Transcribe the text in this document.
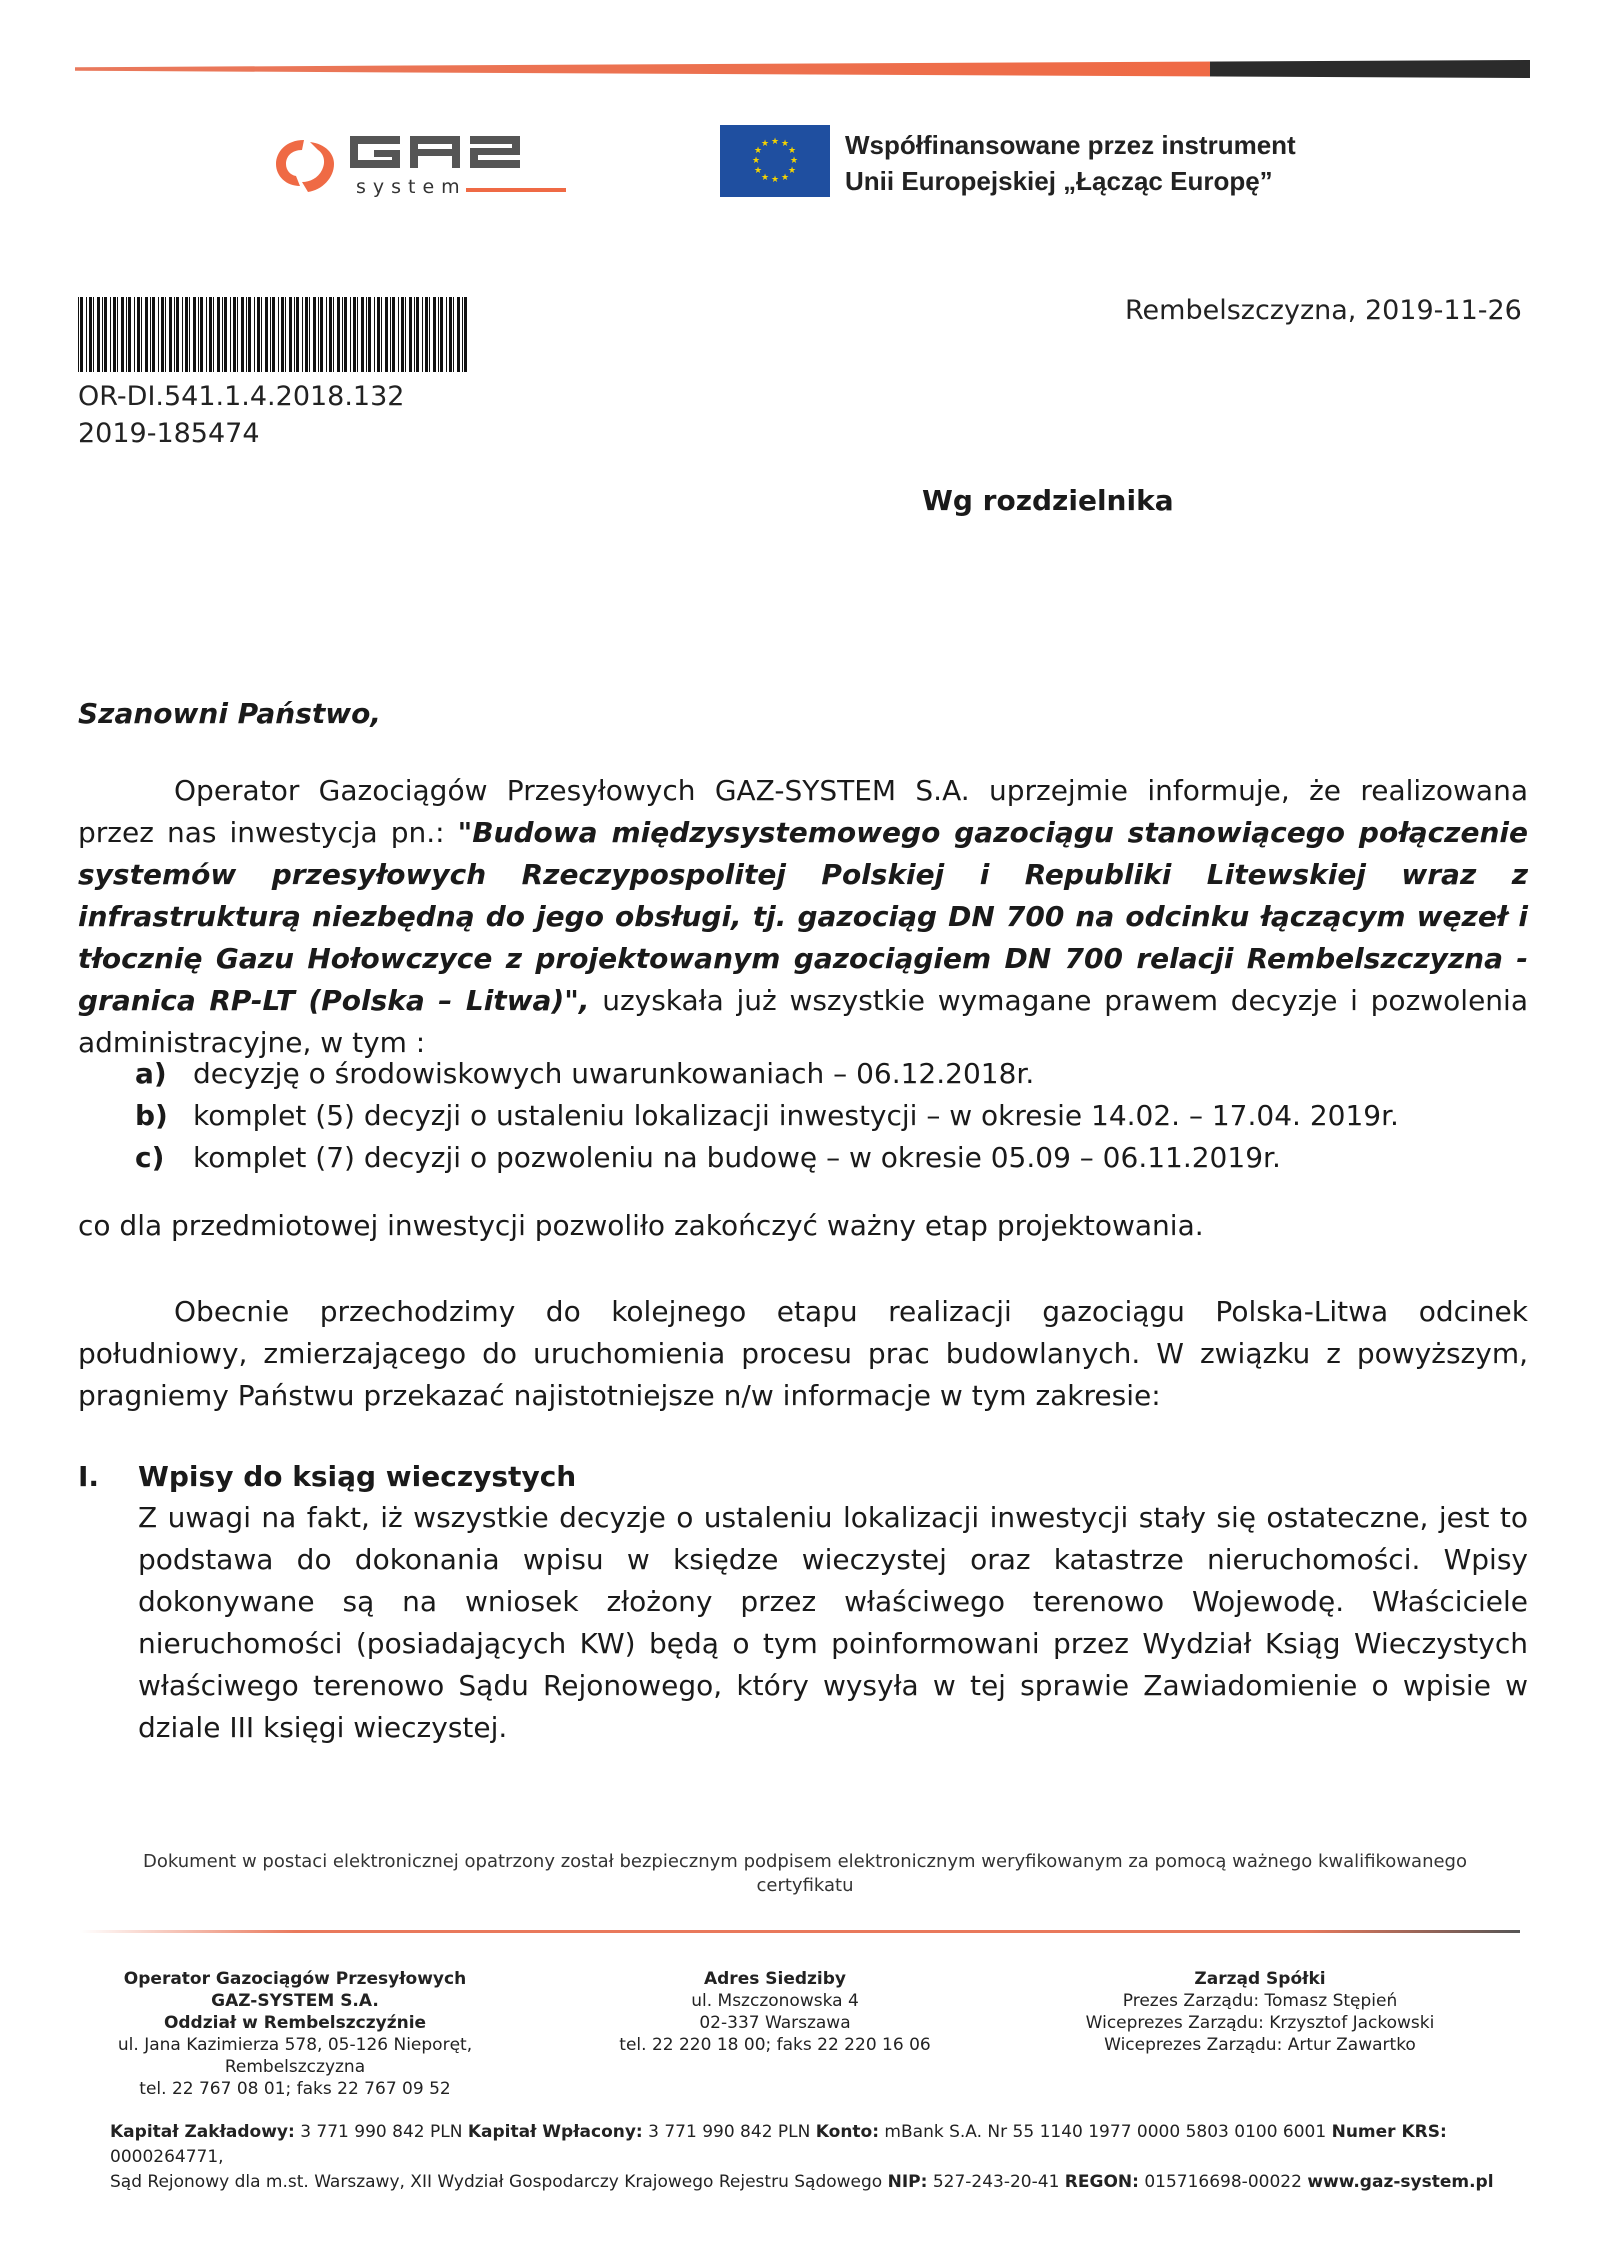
system
★ ★
★
★
★
★
★
★
★
★
★
★	Współfinansowane przez instrument
Unii Europejskiej „Łącząc Europę”
OR-DI.541.1.4.2018.132
2019-185474
Rembelszczyzna, 2019-11-26
Wg rozdzielnika
Szanowni Państwo,
Operator Gazociągów Przesyłowych GAZ-SYSTEM S.A. uprzejmie informuje, że realizowana przez nas inwestycja pn.: "Budowa międzysystemowego gazociągu stanowiącego połączenie systemów przesyłowych Rzeczypospolitej Polskiej i Republiki Litewskiej wraz z infrastrukturą niezbędną do jego obsługi, tj. gazociąg DN 700 na odcinku łączącym węzeł i tłocznię Gazu Hołowczyce z projektowanym gazociągiem DN 700 relacji Rembelszczyzna - granica RP-LT (Polska – Litwa)", uzyskała już wszystkie wymagane prawem decyzje i pozwolenia administracyjne, w tym :
a) decyzję o środowiskowych uwarunkowaniach – 06.12.2018r.
b) komplet (5) decyzji o ustaleniu lokalizacji inwestycji – w okresie 14.02. – 17.04. 2019r.
c) komplet (7) decyzji o pozwoleniu na budowę – w okresie 05.09 – 06.11.2019r.
co dla przedmiotowej inwestycji pozwoliło zakończyć ważny etap projektowania.
Obecnie przechodzimy do kolejnego etapu realizacji gazociągu Polska-Litwa odcinek południowy, zmierzającego do uruchomienia procesu prac budowlanych. W związku z powyższym, pragniemy Państwu przekazać najistotniejsze n/w informacje w tym zakresie:
I. Wpisy do ksiąg wieczystych
Z uwagi na fakt, iż wszystkie decyzje o ustaleniu lokalizacji inwestycji stały się ostateczne, jest to podstawa do dokonania wpisu w księdze wieczystej oraz katastrze nieruchomości. Wpisy dokonywane są na wniosek złożony przez właściwego terenowo Wojewodę. Właściciele nieruchomości (posiadających KW) będą o tym poinformowani przez Wydział Ksiąg Wieczystych właściwego terenowo Sądu Rejonowego, który wysyła w tej sprawie Zawiadomienie o wpisie w dziale III księgi wieczystej.
Dokument w postaci elektronicznej opatrzony został bezpiecznym podpisem elektronicznym weryfikowanym za pomocą ważnego kwalifikowanego certyfikatu
Operator Gazociągów Przesyłowych
GAZ-SYSTEM S.A.
Oddział w Rembelszczyźnie
ul. Jana Kazimierza 578, 05-126 Nieporęt,
Rembelszczyzna
tel. 22 767 08 01; faks 22 767 09 52
Adres Siedziby
ul. Mszczonowska 4
02-337 Warszawa
tel. 22 220 18 00; faks 22 220 16 06
Zarząd Spółki
Prezes Zarządu: Tomasz Stępień
Wiceprezes Zarządu: Krzysztof Jackowski
Wiceprezes Zarządu: Artur Zawartko
Kapitał Zakładowy: 3 771 990 842 PLN Kapitał Wpłacony: 3 771 990 842 PLN Konto: mBank S.A. Nr 55 1140 1977 0000 5803 0100 6001 Numer KRS: 0000264771,
Sąd Rejonowy dla m.st. Warszawy, XII Wydział Gospodarczy Krajowego Rejestru Sądowego NIP: 527-243-20-41 REGON: 015716698-00022 www.gaz-system.pl
